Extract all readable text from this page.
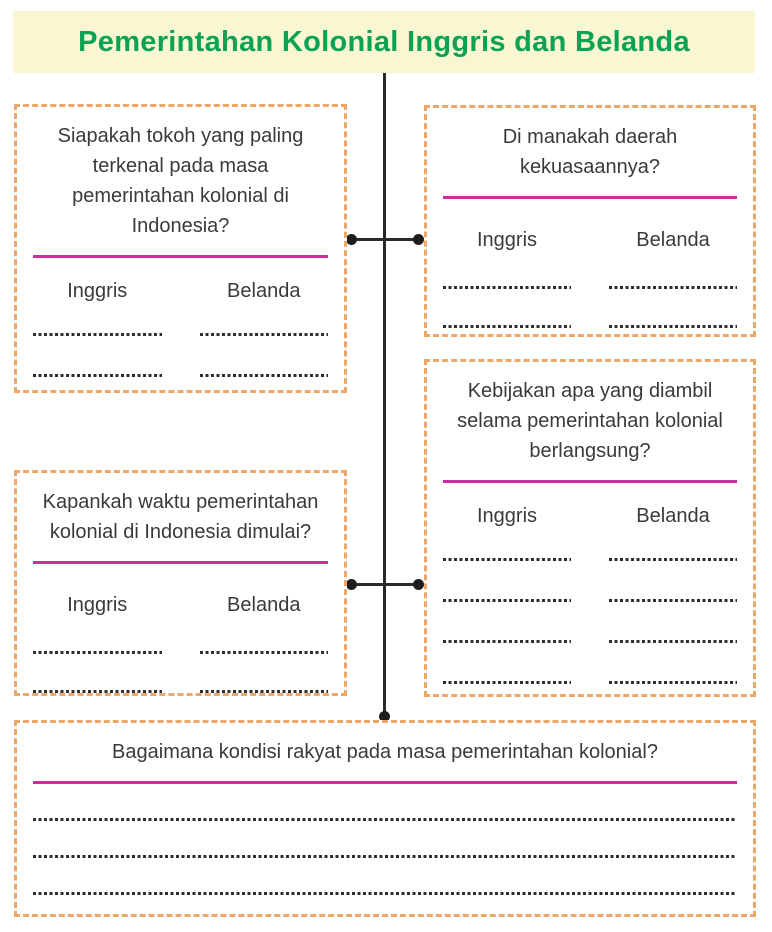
Pemerintahan Kolonial Inggris dan Belanda
Siapakah tokoh yang paling terkenal pada masa pemerintahan kolonial di Indonesia?
Inggris	Belanda
Di manakah daerah kekuasaannya?
Inggris	Belanda
Kebijakan apa yang diambil selama pemerintahan kolonial berlangsung?
Inggris	Belanda
Kapankah waktu pemerintahan kolonial di Indonesia dimulai?
Inggris	Belanda
Bagaimana kondisi rakyat pada masa pemerintahan kolonial?
